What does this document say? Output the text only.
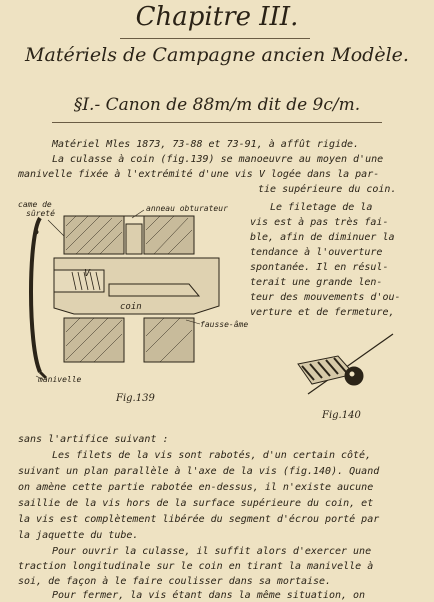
Chapitre III.
Matériels de Campagne ancien Modèle.
§I.- Canon de 88m/m dit de 9c/m.
Matériel Mles 1873, 73-88 et 73-91, à affût rigide.
La culasse à coin (fig.139) se manoeuvre au moyen d'une
manivelle fixée à l'extrémité d'une vis V logée dans la par-
tie supérieure du coin.
Le filetage de la
vis est à pas très fai-
ble, afin de diminuer la
tendance à l'ouverture
spontanée. Il en résul-
terait une grande len-
teur des mouvements d'ou-
verture et de fermeture,
came de
sûreté
anneau obturateur
V
coin
fausse-âme
manivelle
Fig.139
Fig.140
sans l'artifice suivant :
Les filets de la vis sont rabotés, d'un certain côté,
suivant un plan parallèle à l'axe de la vis (fig.140). Quand
on amène cette partie rabotée en-dessus, il n'existe aucune
saillie de la vis hors de la surface supérieure du coin, et
la vis est complètement libérée du segment d'écrou porté par
la jaquette du tube.
Pour ouvrir la culasse, il suffit alors d'exercer une
traction longitudinale sur le coin en tirant la manivelle à
soi, de façon à le faire coulisser dans sa mortaise.
Pour fermer, la vis étant dans la même situation, on
